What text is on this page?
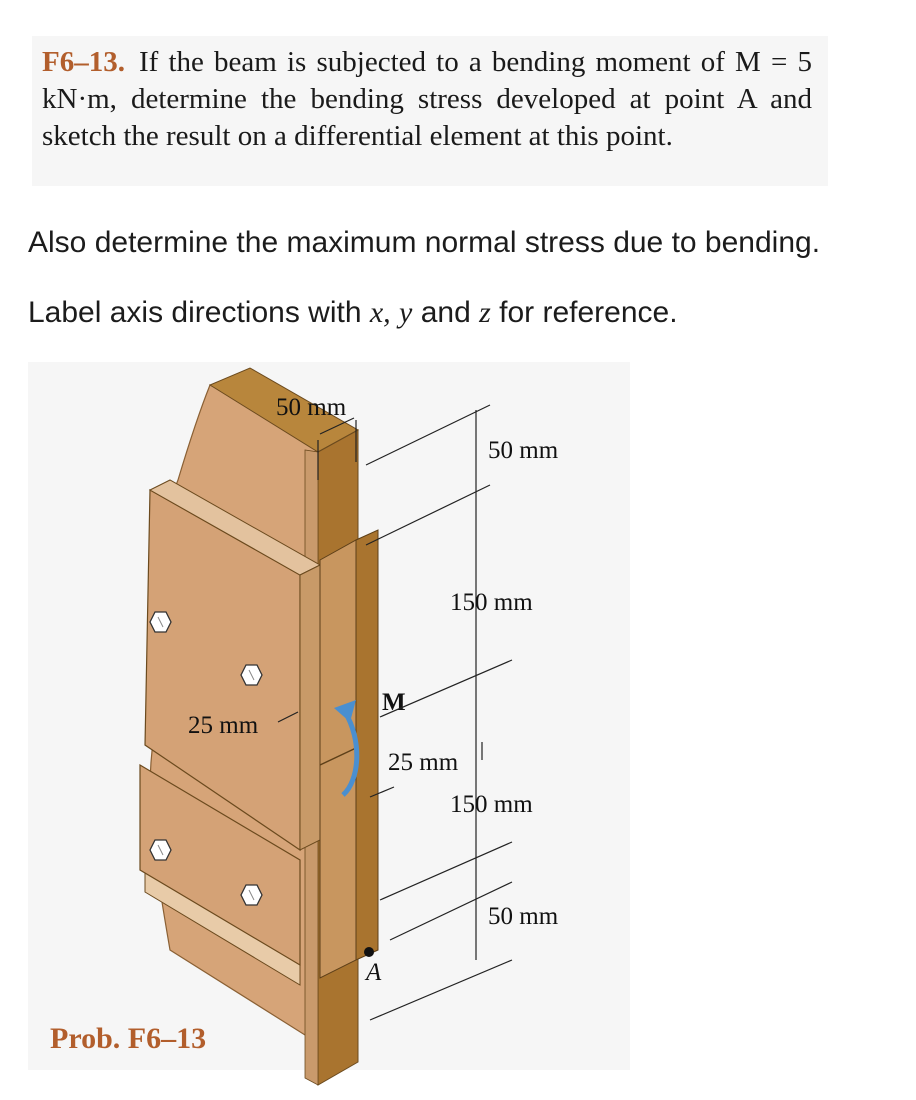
F6–13. If the beam is subjected to a bending moment of M = 5 kN·m, determine the bending stress developed at point A and sketch the result on a differential element at this point.
Also determine the maximum normal stress due to bending.
Label axis directions with x, y and z for reference.
A
M
50 mm
50 mm
150 mm
25 mm
25 mm
150 mm
50 mm
Prob. F6–13
